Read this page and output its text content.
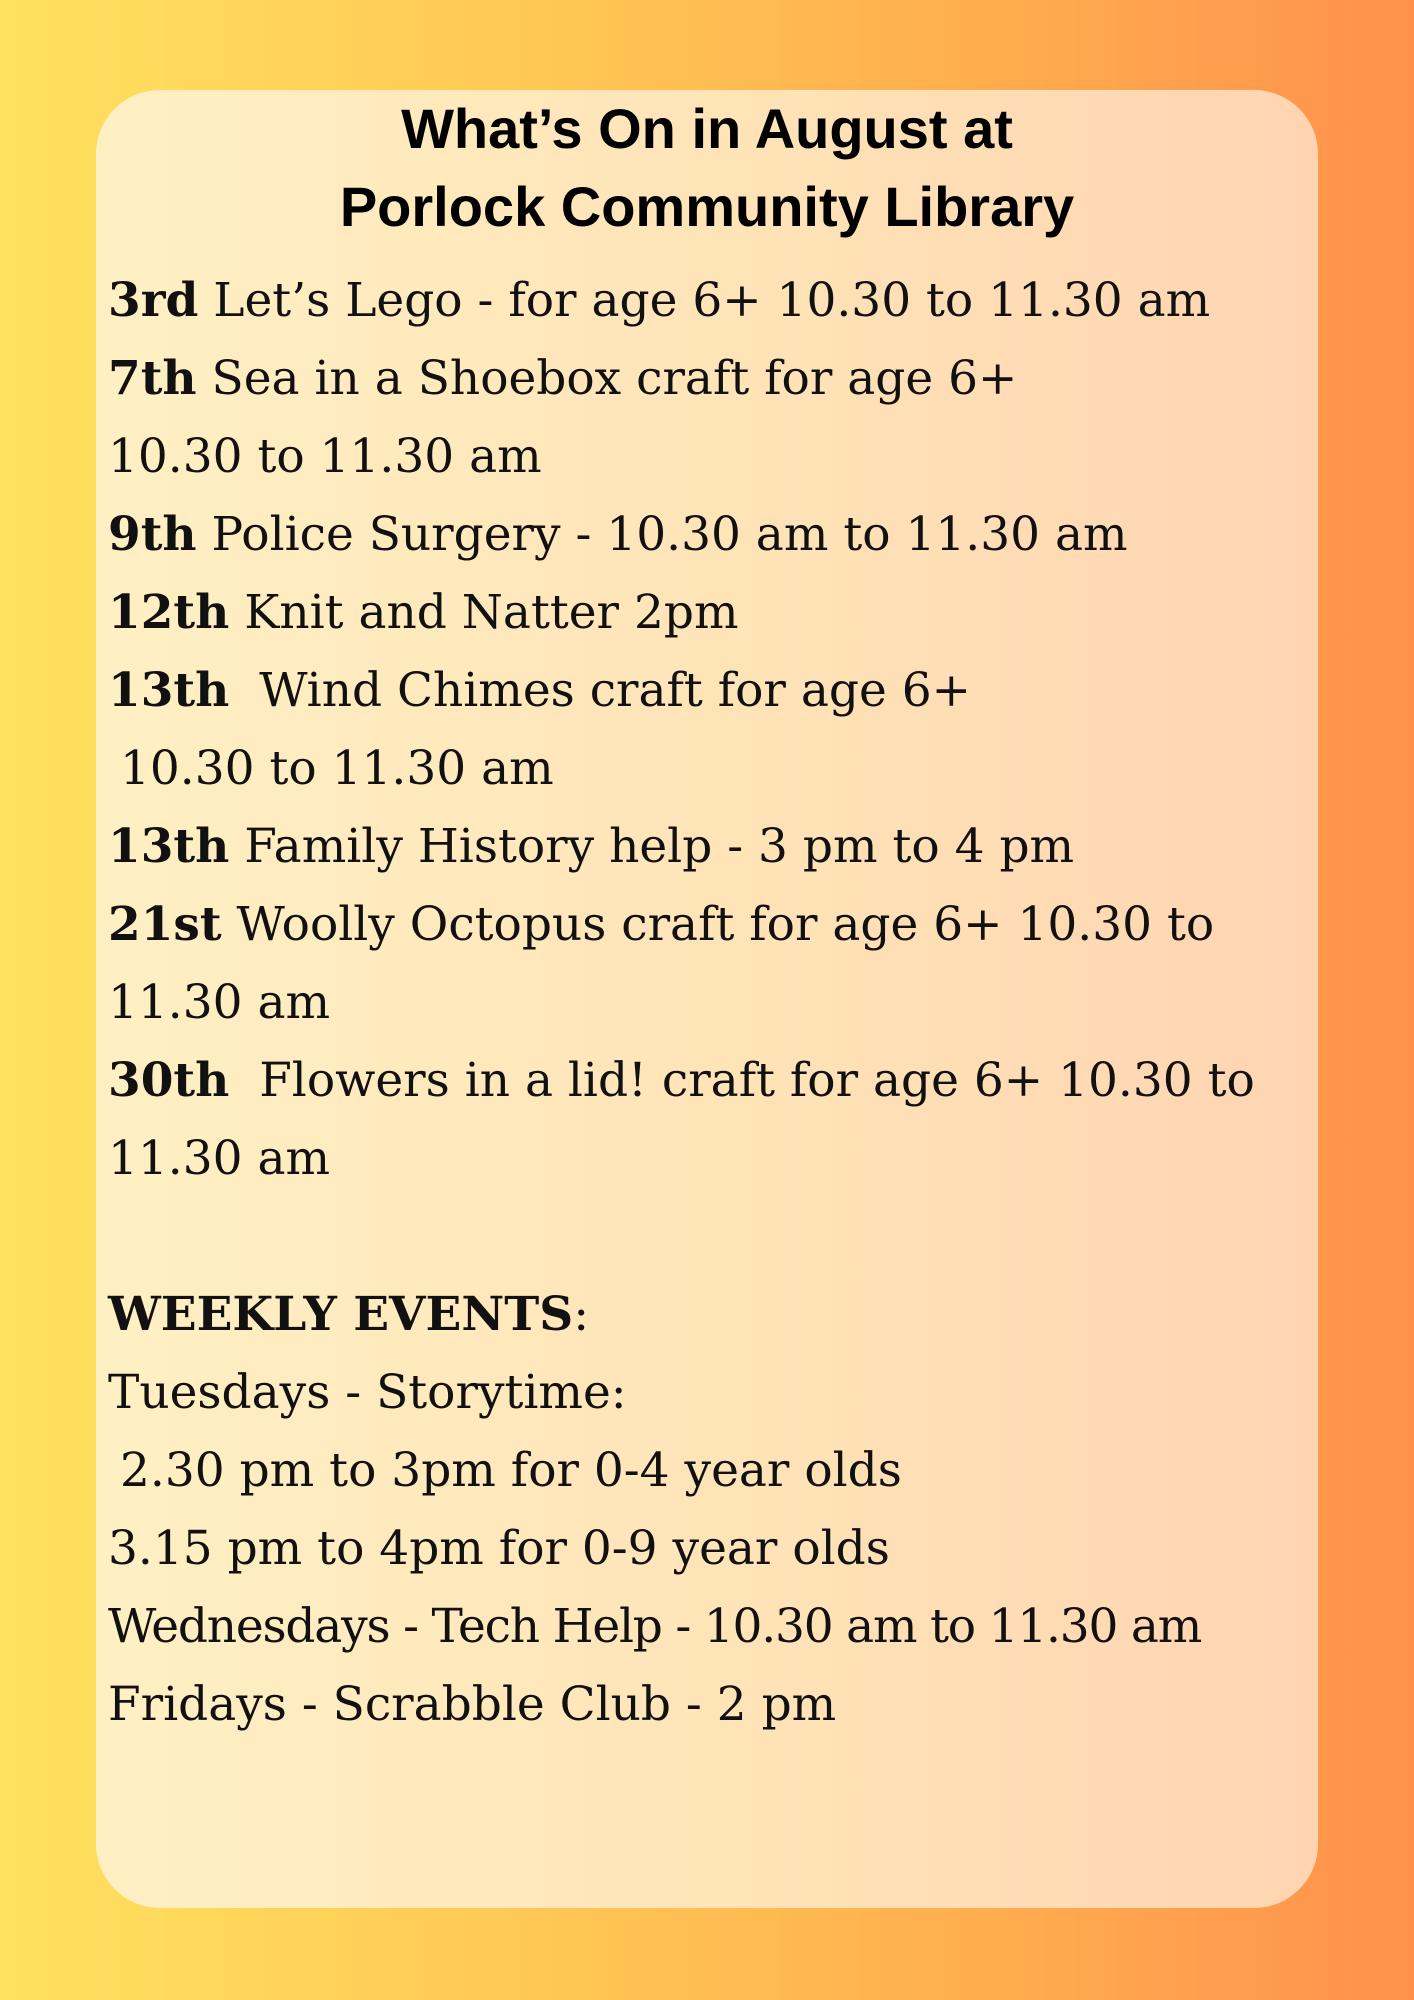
What’s On in August at
Porlock Community Library
3rd Let’s Lego - for age 6+ 10.30 to 11.30 am
7th Sea in a Shoebox craft for age 6+
10.30 to 11.30 am
9th Police Surgery - 10.30 am to 11.30 am
12th Knit and Natter 2pm
13th Wind Chimes craft for age 6+
10.30 to 11.30 am
13th Family History help - 3 pm to 4 pm
21st Woolly Octopus craft for age 6+ 10.30 to
11.30 am
30th Flowers in a lid! craft for age 6+ 10.30 to
11.30 am
WEEKLY EVENTS:
Tuesdays - Storytime:
2.30 pm to 3pm for 0-4 year olds
3.15 pm to 4pm for 0-9 year olds
Wednesdays - Tech Help - 10.30 am to 11.30 am
Fridays - Scrabble Club - 2 pm
